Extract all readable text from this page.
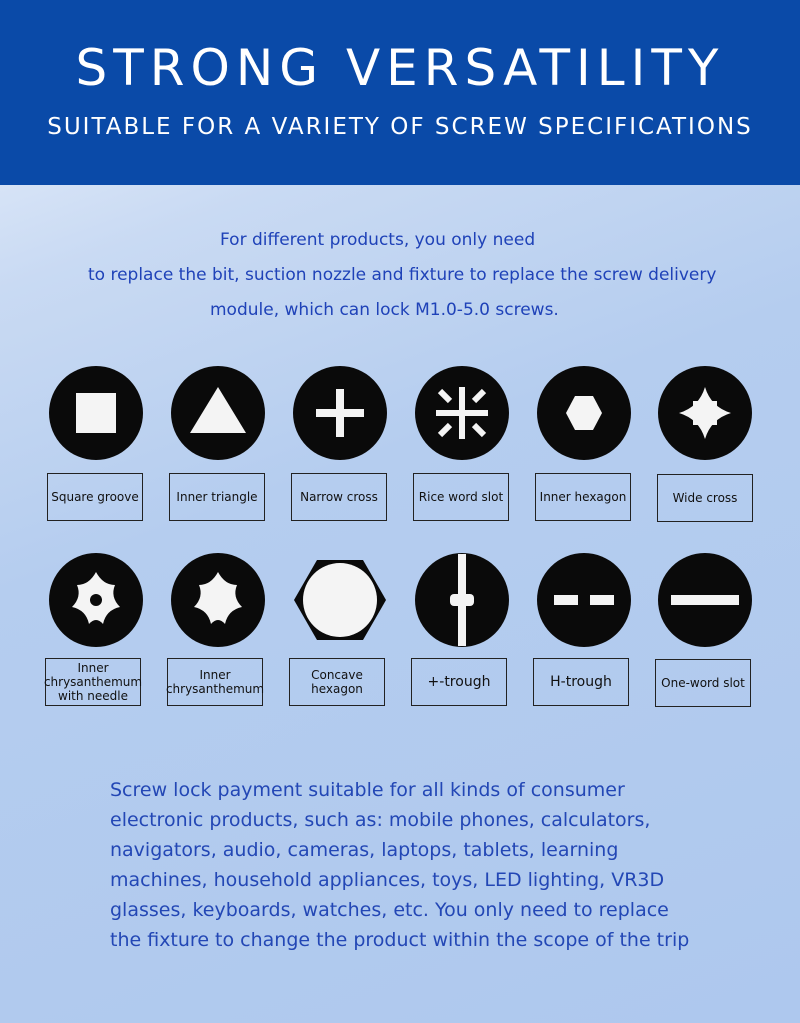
STRONG VERSATILITY
SUITABLE FOR A VARIETY OF SCREW SPECIFICATIONS
For different products, you only need
to replace the bit, suction nozzle and fixture to replace the screw delivery
module, which can lock M1.0-5.0 screws.
Square groove	Inner triangle	Narrow cross	Rice word slot	Inner hexagon	Wide cross
Inner chrysanthemum with needle
Inner chrysanthemum
Concave hexagon	+-trough	H-trough	One-word slot
Screw lock payment suitable for all kinds of consumer
electronic products, such as: mobile phones, calculators,
navigators, audio, cameras, laptops, tablets, learning
machines, household appliances, toys, LED lighting, VR3D
glasses, keyboards, watches, etc. You only need to replace
the fixture to change the product within the scope of the trip
